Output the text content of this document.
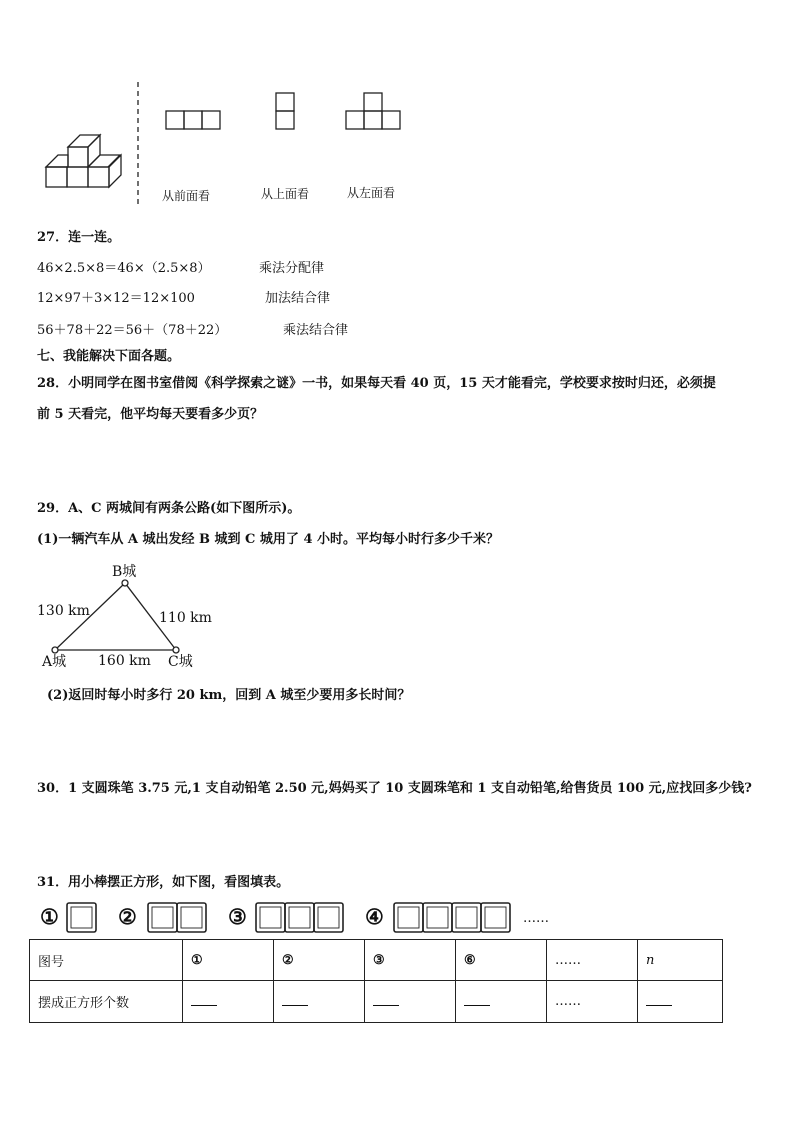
从前面看	从上面看	从左面看
27．连一连。
46×2.5×8＝46×（2.5×8）	乘法分配律
12×97＋3×12＝12×100	加法结合律
56＋78＋22＝56＋（78＋22）	乘法结合律
七、我能解决下面各题。
28．小明同学在图书室借阅《科学探索之谜》一书，如果每天看 40 页，15 天才能看完，学校要求按时归还，必须提
前 5 天看完，他平均每天要看多少页？
29．A、C 两城间有两条公路(如下图所示)。
(1)一辆汽车从 A 城出发经 B 城到 C 城用了 4 小时。平均每小时行多少千米？
B城
130 km	110 km
A城 160 km C城
(2)返回时每小时多行 20 km，回到 A 城至少要用多长时间？
30．1 支圆珠笔 3.75 元,1 支自动铅笔 2.50 元,妈妈买了 10 支圆珠笔和 1 支自动铅笔,给售货员 100 元,应找回多少钱?
31．用小棒摆正方形，如下图，看图填表。
①	②	③	④	……
图号	①	②	③	⑥	……	n
摆成正方形个数					……	
